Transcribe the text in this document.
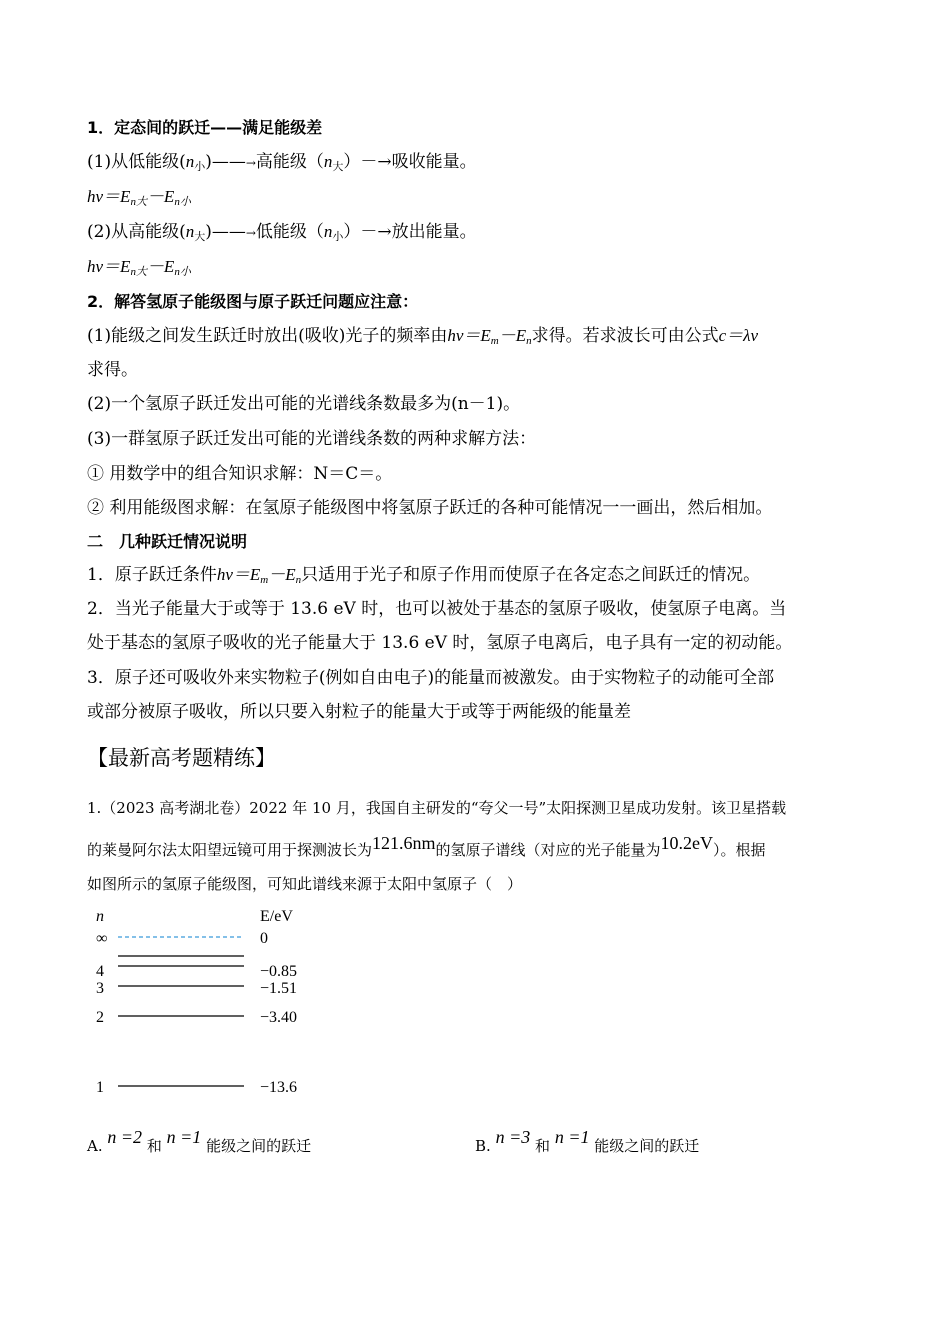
1．定态间的跃迁——满足能级差
(1)从低能级(n小)——→高能级（n大）－→吸收能量。
hν＝En大－En小
(2)从高能级(n大)——→低能级（n小）－→放出能量。
hν＝En大－En小
2．解答氢原子能级图与原子跃迁问题应注意：
(1)能级之间发生跃迁时放出(吸收)光子的频率由hν＝Em－En求得。若求波长可由公式c＝λν
求得。
(2)一个氢原子跃迁发出可能的光谱线条数最多为(n－1)。
(3)一群氢原子跃迁发出可能的光谱线条数的两种求解方法：
① 用数学中的组合知识求解：N＝C＝。
② 利用能级图求解：在氢原子能级图中将氢原子跃迁的各种可能情况一一画出，然后相加。
二　几种跃迁情况说明
1．原子跃迁条件hν＝Em－En只适用于光子和原子作用而使原子在各定态之间跃迁的情况。
2．当光子能量大于或等于 13.6 eV 时，也可以被处于基态的氢原子吸收，使氢原子电离。当
处于基态的氢原子吸收的光子能量大于 13.6 eV 时，氢原子电离后，电子具有一定的初动能。
3．原子还可吸收外来实物粒子(例如自由电子)的能量而被激发。由于实物粒子的动能可全部
或部分被原子吸收，所以只要入射粒子的能量大于或等于两能级的能量差
【最新高考题精练】
1.（2023 高考湖北卷）2022 年 10 月，我国自主研发的“夸父一号”太阳探测卫星成功发射。该卫星搭载
的莱曼阿尔法太阳望远镜可用于探测波长为121.6nm的氢原子谱线（对应的光子能量为10.2eV）。根据
如图所示的氢原子能级图，可知此谱线来源于太阳中氢原子（　）
n	E/eV
∞	0
4	−0.85
3	−1.51
2	−3.40
1	−13.6
A. n =2 和 n =1 能级之间的跃迁	B. n =3 和 n =1 能级之间的跃迁
